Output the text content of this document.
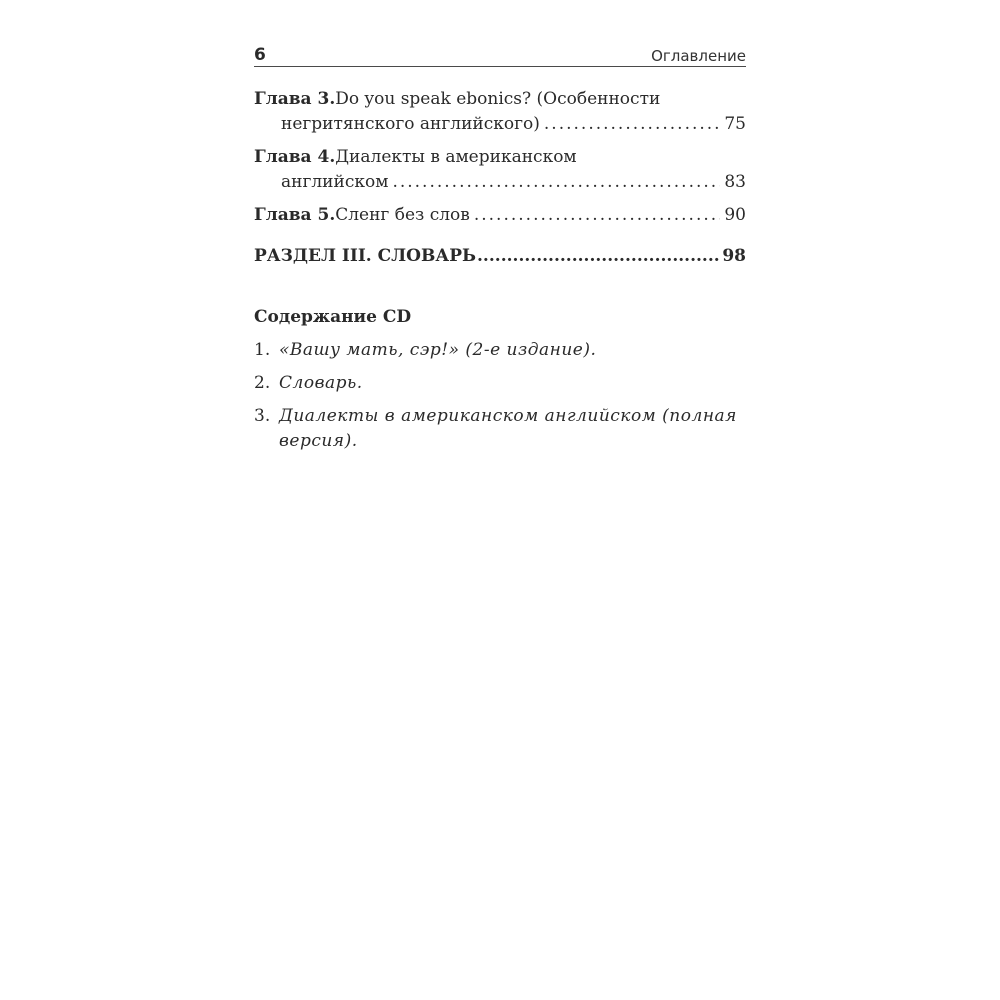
6	Оглавление
Глава 3. Do you speak ebonics? (Особенности
негритянского английского) .....	75
Глава 4. Диалекты в американском
английском .....	83
Глава 5. Сленг без слов .....	90
РАЗДЕЛ III. СЛОВАРЬ .....	98
Содержание CD
1. «Вашу мать, сэр!» (2-е издание).
2. Словарь.
3. Диалекты в американском английском (полная версия).
